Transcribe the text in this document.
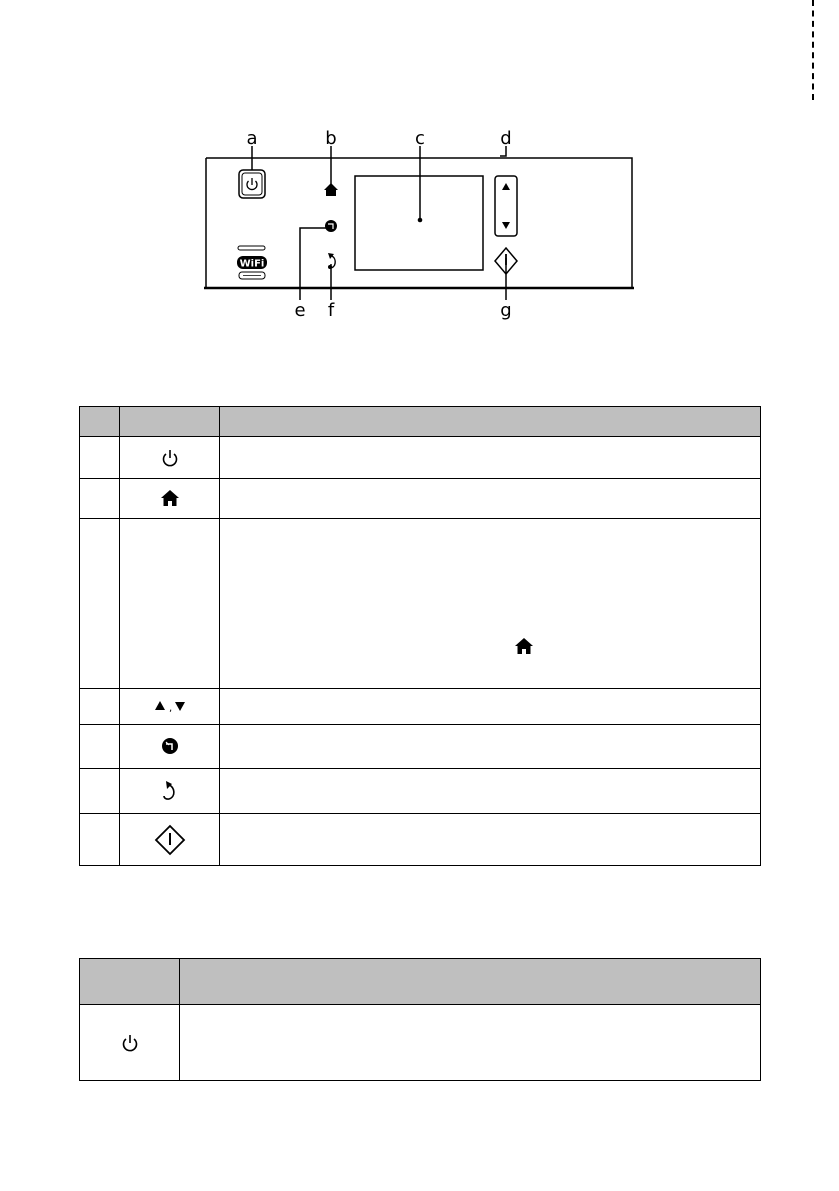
WiFi
a	b	c	d
e f	g

,	
